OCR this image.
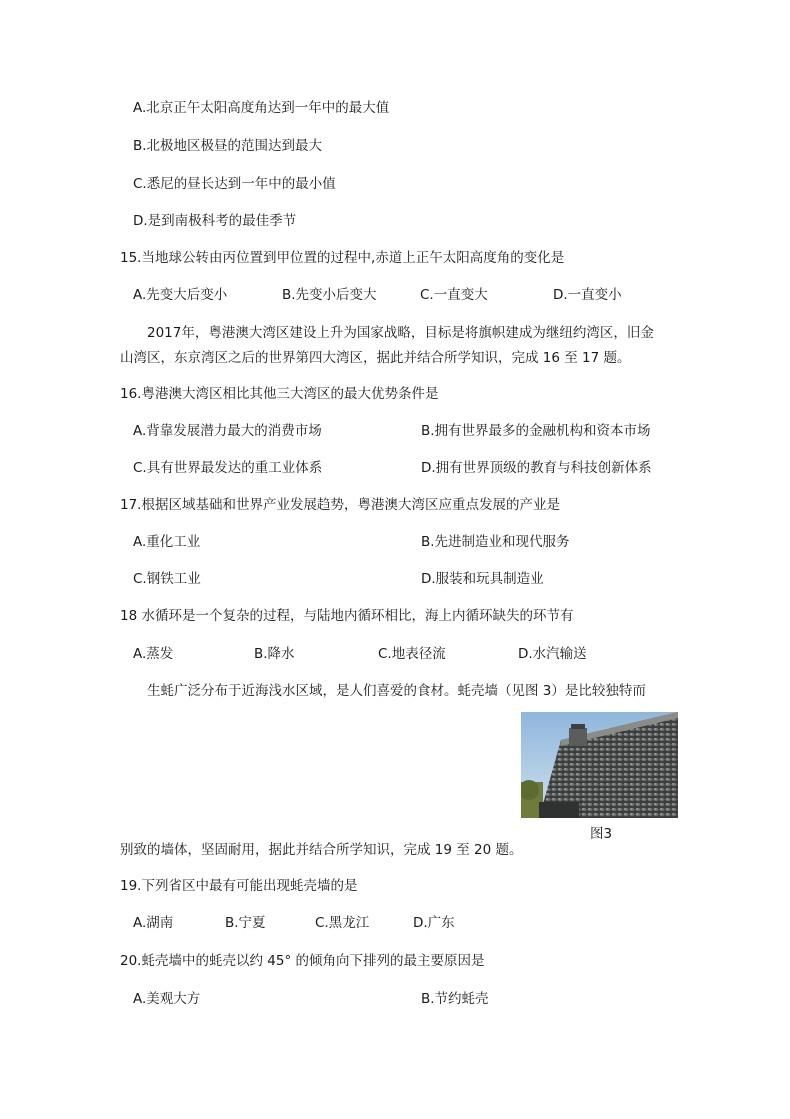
A.北京正午太阳高度角达到一年中的最大值
B.北极地区极昼的范围达到最大
C.悉尼的昼长达到一年中的最小值
D.是到南极科考的最佳季节
15.当地球公转由丙位置到甲位置的过程中,赤道上正午太阳高度角的变化是
A.先变大后变小	B.先变小后变大	C.一直变大	D.一直变小
2017年，粤港澳大湾区建设上升为国家战略，目标是将旗帜建成为继纽约湾区，旧金
山湾区，东京湾区之后的世界第四大湾区，据此并结合所学知识，完成 16 至 17 题。
16.粤港澳大湾区相比其他三大湾区的最大优势条件是
A.背靠发展潜力最大的消费市场	B.拥有世界最多的金融机构和资本市场
C.具有世界最发达的重工业体系	D.拥有世界顶级的教育与科技创新体系
17.根据区域基础和世界产业发展趋势，粤港澳大湾区应重点发展的产业是
A.重化工业	B.先进制造业和现代服务
C.钢铁工业	D.服装和玩具制造业
18 水循环是一个复杂的过程，与陆地内循环相比，海上内循环缺失的环节有
A.蒸发	B.降水	C.地表径流	D.水汽输送
生蚝广泛分布于近海浅水区域，是人们喜爱的食材。蚝壳墙（见图 3）是比较独特而
图3
别致的墙体，坚固耐用，据此并结合所学知识，完成 19 至 20 题。
19.下列省区中最有可能出现蚝壳墙的是
A.湖南	B.宁夏	C.黑龙江	D.广东
20.蚝壳墙中的蚝壳以约 45° 的倾角向下排列的最主要原因是
A.美观大方	B.节约蚝壳
